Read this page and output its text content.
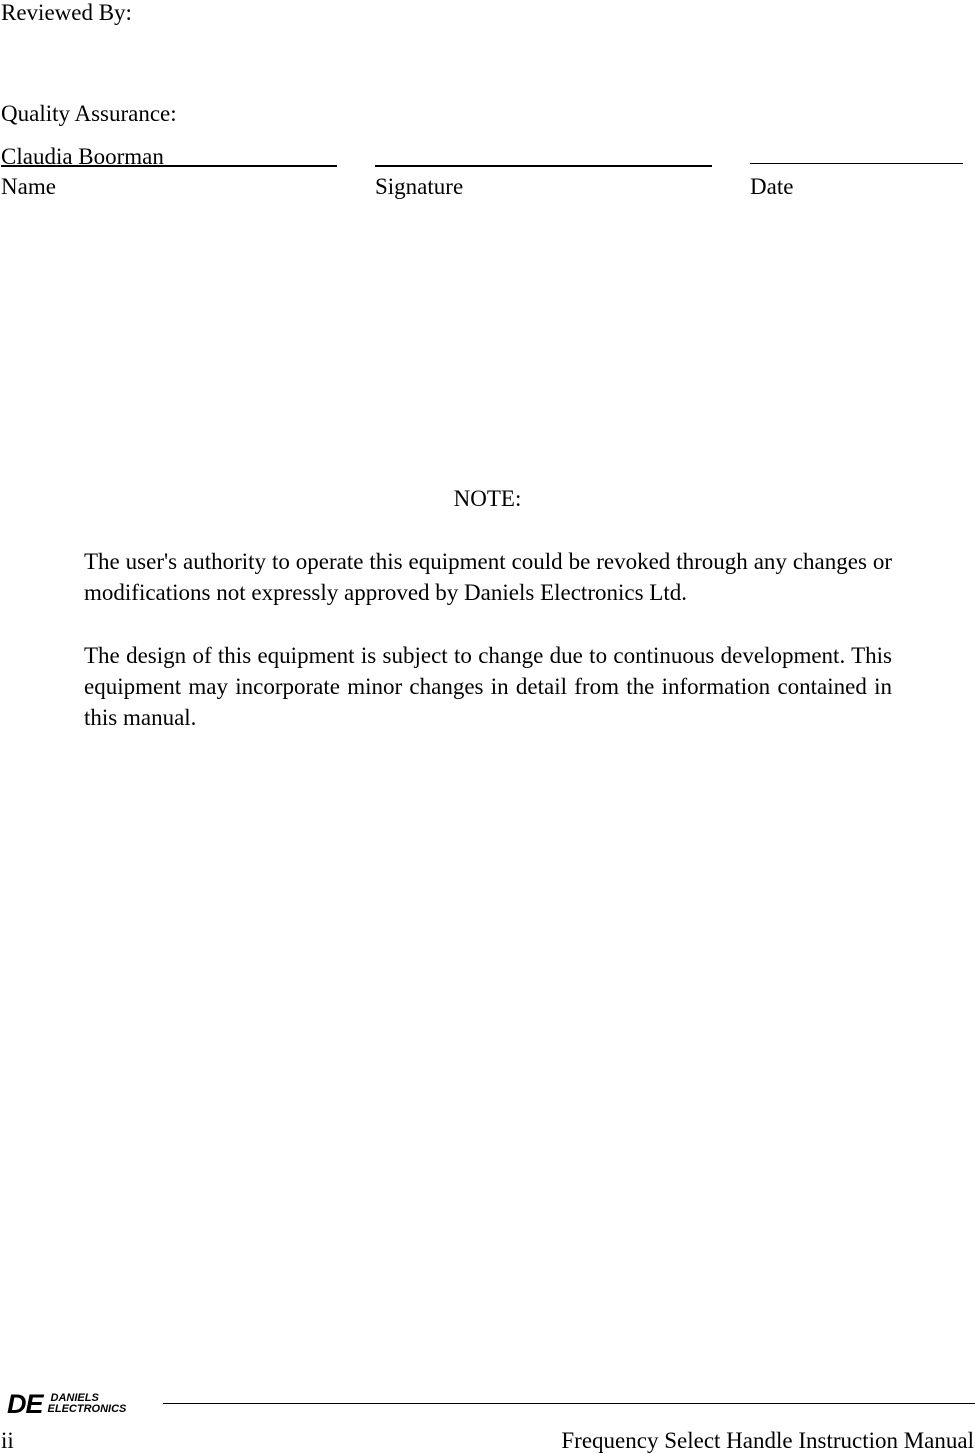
Reviewed By:
Quality Assurance:
Claudia Boorman
Name	Signature	Date
NOTE:
The user's authority to operate this equipment could be revoked through any changes or modifications not expressly approved by Daniels Electronics Ltd.
The design of this equipment is subject to change due to continuous development. This equipment may incorporate minor changes in detail from the information contained in this manual.
DE DANIELS
ELECTRONICS
ii	Frequency Select Handle Instruction Manual
